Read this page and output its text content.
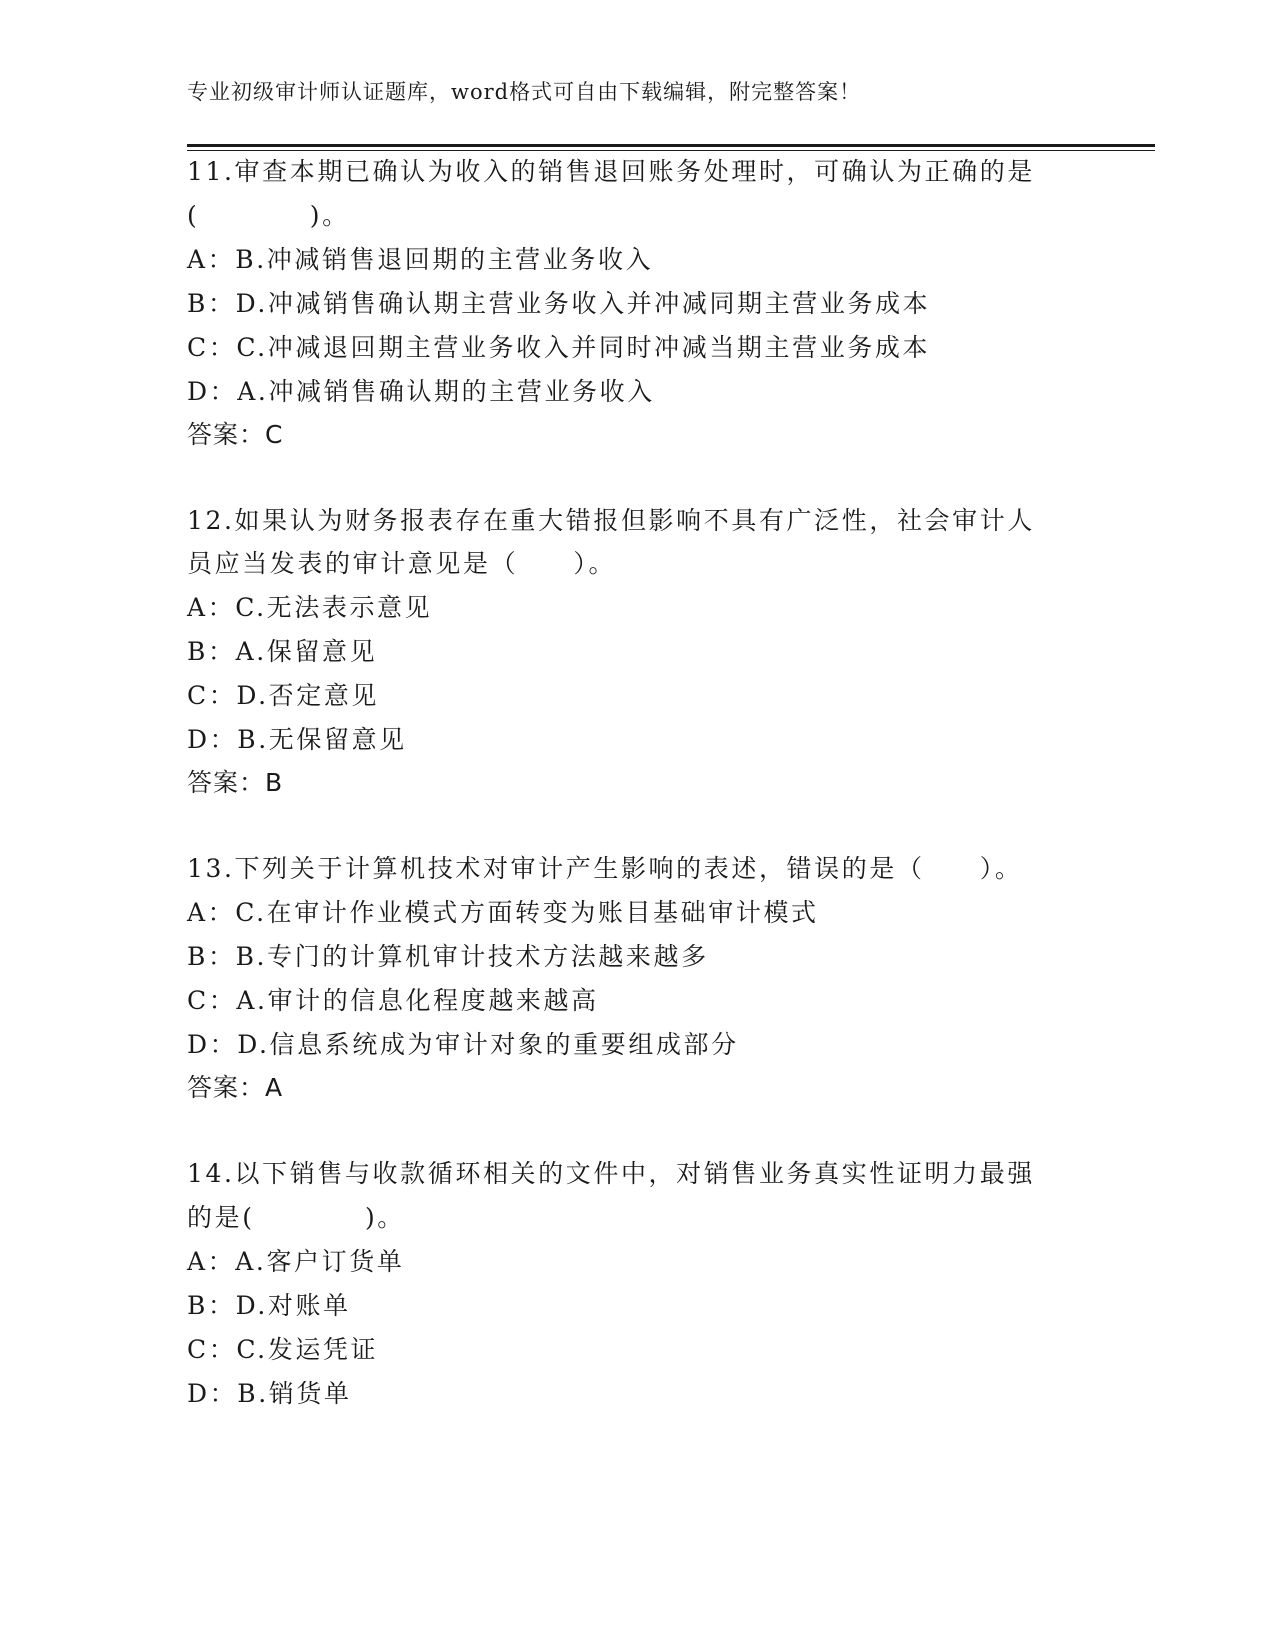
专业初级审计师认证题库，word格式可自由下载编辑，附完整答案！
11.审查本期已确认为收入的销售退回账务处理时，可确认为正确的是
(　　　　)。
A：B.冲减销售退回期的主营业务收入
B：D.冲减销售确认期主营业务收入并冲减同期主营业务成本
C：C.冲减退回期主营业务收入并同时冲减当期主营业务成本
D：A.冲减销售确认期的主营业务收入
答案：C
12.如果认为财务报表存在重大错报但影响不具有广泛性，社会审计人
员应当发表的审计意见是（　　）。
A：C.无法表示意见
B：A.保留意见
C：D.否定意见
D：B.无保留意见
答案：B
13.下列关于计算机技术对审计产生影响的表述，错误的是（　　）。
A：C.在审计作业模式方面转变为账目基础审计模式
B：B.专门的计算机审计技术方法越来越多
C：A.审计的信息化程度越来越高
D：D.信息系统成为审计对象的重要组成部分
答案：A
14.以下销售与收款循环相关的文件中，对销售业务真实性证明力最强
的是(　　　　)。
A：A.客户订货单
B：D.对账单
C：C.发运凭证
D：B.销货单
